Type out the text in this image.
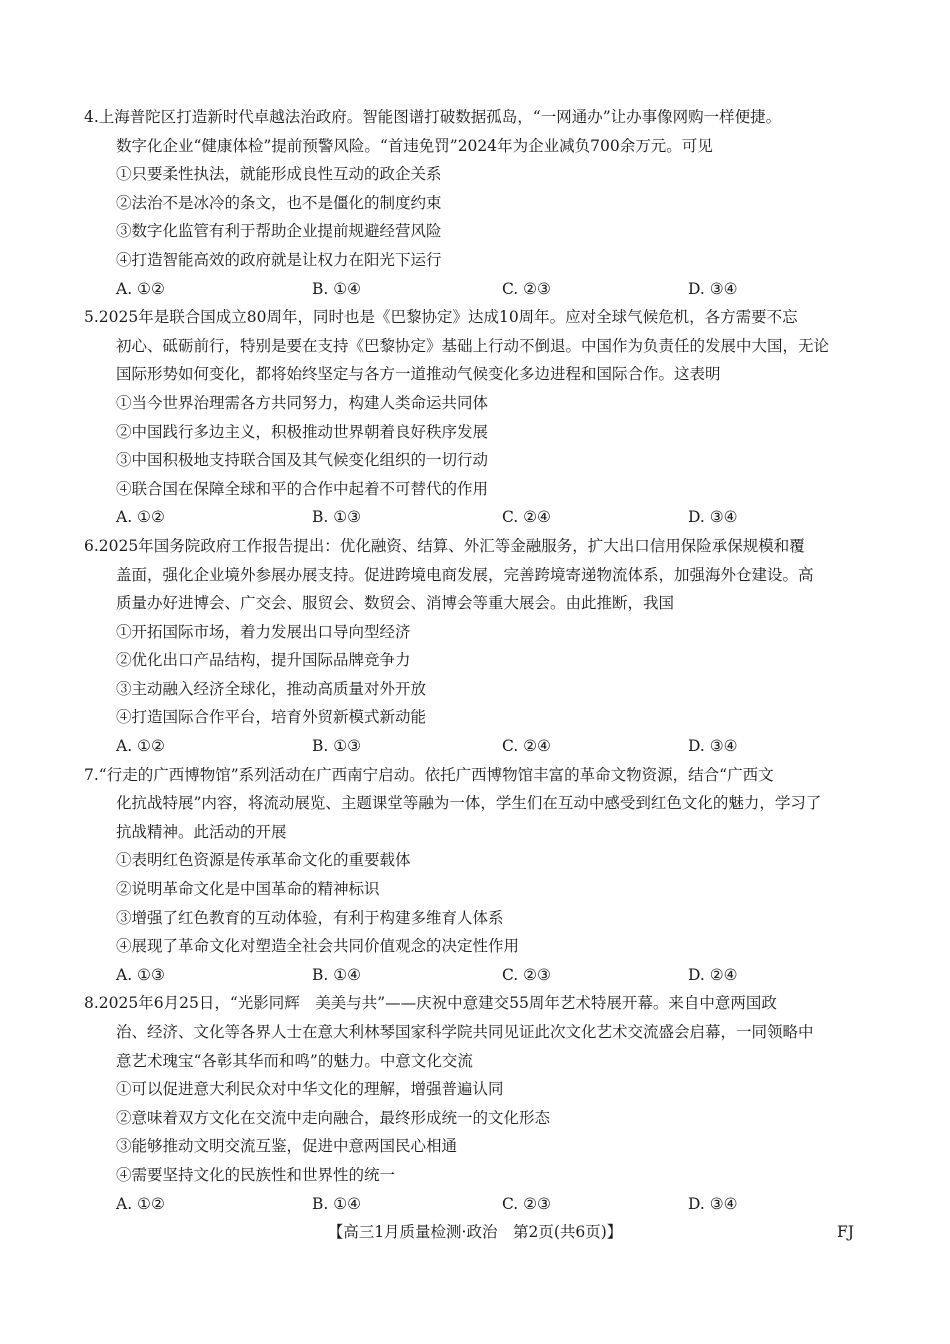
4.上海普陀区打造新时代卓越法治政府。智能图谱打破数据孤岛，“一网通办”让办事像网购一样便捷。
数字化企业“健康体检”提前预警风险。“首违免罚”2024年为企业减负700余万元。可见
①只要柔性执法，就能形成良性互动的政企关系
②法治不是冰冷的条文，也不是僵化的制度约束
③数字化监管有利于帮助企业提前规避经营风险
④打造智能高效的政府就是让权力在阳光下运行
A. ①②	B. ①④	C. ②③	D. ③④
5.2025年是联合国成立80周年，同时也是《巴黎协定》达成10周年。应对全球气候危机，各方需要不忘
初心、砥砺前行，特别是要在支持《巴黎协定》基础上行动不倒退。中国作为负责任的发展中大国，无论
国际形势如何变化，都将始终坚定与各方一道推动气候变化多边进程和国际合作。这表明
①当今世界治理需各方共同努力，构建人类命运共同体
②中国践行多边主义，积极推动世界朝着良好秩序发展
③中国积极地支持联合国及其气候变化组织的一切行动
④联合国在保障全球和平的合作中起着不可替代的作用
A. ①②	B. ①③	C. ②④	D. ③④
6.2025年国务院政府工作报告提出：优化融资、结算、外汇等金融服务，扩大出口信用保险承保规模和覆
盖面，强化企业境外参展办展支持。促进跨境电商发展，完善跨境寄递物流体系，加强海外仓建设。高
质量办好进博会、广交会、服贸会、数贸会、消博会等重大展会。由此推断，我国
①开拓国际市场，着力发展出口导向型经济
②优化出口产品结构，提升国际品牌竞争力
③主动融入经济全球化，推动高质量对外开放
④打造国际合作平台，培育外贸新模式新动能
A. ①②	B. ①③	C. ②④	D. ③④
7.“行走的广西博物馆”系列活动在广西南宁启动。依托广西博物馆丰富的革命文物资源，结合“广西文
化抗战特展”内容，将流动展览、主题课堂等融为一体，学生们在互动中感受到红色文化的魅力，学习了
抗战精神。此活动的开展
①表明红色资源是传承革命文化的重要载体
②说明革命文化是中国革命的精神标识
③增强了红色教育的互动体验，有利于构建多维育人体系
④展现了革命文化对塑造全社会共同价值观念的决定性作用
A. ①③	B. ①④	C. ②③	D. ②④
8.2025年6月25日，“光影同辉　美美与共”——庆祝中意建交55周年艺术特展开幕。来自中意两国政
治、经济、文化等各界人士在意大利林琴国家科学院共同见证此次文化艺术交流盛会启幕，一同领略中
意艺术瑰宝“各彰其华而和鸣”的魅力。中意文化交流
①可以促进意大利民众对中华文化的理解，增强普遍认同
②意味着双方文化在交流中走向融合，最终形成统一的文化形态
③能够推动文明交流互鉴，促进中意两国民心相通
④需要坚持文化的民族性和世界性的统一
A. ①②	B. ①④	C. ②③	D. ③④
【高三1月质量检测·政治　第2页(共6页)】	FJ
